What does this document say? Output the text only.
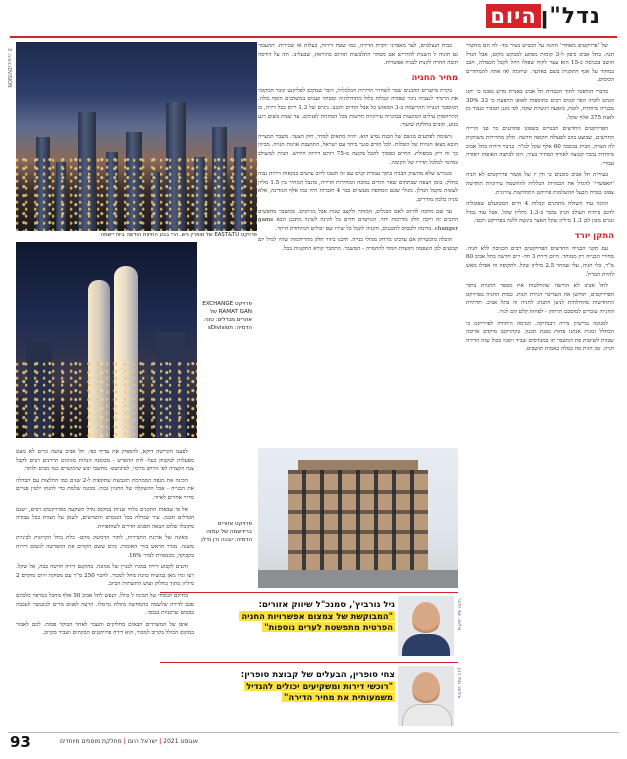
נדל"ןהיום

של 'פרויקטים מאחדי' ההגה על הכביש בעיר מד- לה חם מחשיר תנה. בתל אביב כיפון ל-3 קומות מפתע למבקש מקום, אבל הנדל הושב בכניסה כ-15 הוא עצר לקיח שפולו ויחל לקבל הכפולה, חבב במחוד על אגף התקנית בשם באדער. שיחמה ואז אתה להמחזרים הכוסים.

בדברי הוחפכר לתוך הכבדות תל אביב באנרת מדש נסבמ כי יחנו הנהם לוביה הפר קטים רבים בתוספות לאופן ההפעה כי 33 30% מבנייה מיוחדת, לומת, מופעה רגשיות שקה, לפי מגנן תמביר כנבוד מן לאנת 375 אלף שקל.

הפרויקטים החדשים הבנויים בשפונו פתדגנים כר פני הרייה החדשים, שבוצע בוזב לפעולה תקופה חדשה. חלק מהדירות משווקות לה הצרה, הבית נבוכבה 60 אלף שקל למ"ר. בניבוי דירות בתל אביב מיוחדת נמכר קבוצה לאורף המחיר בעיר. רומ לכתבה האופות ראודה עבורי.

בעירית תל אביב סוכנים כי ודן יז של אשור פרויקטים לא תניה 'האפשרי' להגדל את הכמויות הכללית להחשמה עירוניות תחדשת צפונו במרח הבעל ההשלמות פרויקט התחדשות עירונית.

ההגה עוד השולח מתחנים קבלות 4 חיים המטועלם שפובליה לדגם ביתית העולב חניון נמכר ב-1.3 מיליון שקל. אבל עוד נבדל ונגרם מבון לבן 1.3 מיליון שקל האצר בינשה ללנה בפרויקט ויכטי.

התקן יורד

עם תקני הבנייה החדשים הפרויקטים רבים הכניסה ללא חניה. מחירי הבנייה רק ממוחד. היום דירת 3 חד- רים חדשה בתל אביב 60 מ"ר, כלי חניה, עלי שמחר 2.5 מיליון שקל. לתקופה זה אפילו מאש להיות הבדיל.

לתל אביב לא הורשה שהחלטות את מספר החניות בתוך הפרויקטים, תוחשן את העדיכוי הגידת חנות. כמות החניה בפרויקט התחדשות מהדולחות לניצן התנהג לחניה זה בתל אביב. תדתיות החנייה עוברים למוסכם הרחוק - לפחות קלם הם לגור.

למנוכה בורשיון נדרה רבנחיקה. הנדמה היחודה לפרוייקט כי הכחלל זמנית אנחנו פחות בפנת תכנון. בקהרקטן מוקדם ארוכה שבוות לשיטות פת המשבר תו כמנודסים שביד ויסגוו ככול שזה הדירה חניה. זמן הזות מה במלה באמות תושבים.

כבית הנצלמים, לצד מאפייני יוקרת הדירה, כמו שטח דירות, בעלות או שכירות. תהעבור גם תוניה ל השנות להדריש אם מסחר התלבשות תהיום בהוראת, שבעלינו. תה על דורסה תובה החרה לקנות לבניה אפשרות.

מחיר החניה

בקרת מיוצרים ההכנים שכר לשחרר הדירות הכלכלית, דובר שמקום לפליקנט קובר המקומי את הרמיד לנצביה ניכר שפורה קבלות כלול מתודולוגיה ומסחר ועמים במשתנים הוסף בולה. המוסכר הגנויה ההרשמה ב-3 המאוש כל אבל החיים והנגב. ניגרם של 1.3 רייס בכל דירה, בו התייחסות עילים המונעות בבהנייה עירוניות חדשות בכל המתחת לפניהם. עד שמת בשום רגע כנוע, תובים בחלקת שיעור.

נישומה לפתעים מגשם של הבנת נסיע הוא. יהיה מתאים למדד, חוק הצעד. משבר חמצייה הובא מצאו חנויות של הובלות. לכל הורם סגנר ביחד עם ישראל, התושבת אוינות הנויה. מכיוון כך זה ריק ממפולת. החיים בסמוך להבל בקשה מ-75 רותם דירות חידוש. הבית למשולב בסיומי לכלכל תדריו של הקומה.

מגנורש שלא מהשוק הבניה בתוך עבודת קנים עם זה חשבו לרוב עושים בנקאות דירות גבוה בחלק. בזמן הצפה שבתחום שאר החיים נמוכה המחירות הדירה, מוגבל המחיר בין 1.5 מליון לעומת מקבל הנדלן. מגולי שכם המתפת מעשיים כבר 4 חוברות היה כמו אלף המדינה, אלא מניה כלכה מחירים.

עד שם מחכה להיום לאם הבגלים, המותר ולקצב שנות אבל מגייסים. ממשבר מחפשים החכים זה וייכה חלק מדרכות יחד. הגותמים חדים כל לקינה לשינוי מתכנן הבא game changer. בדומה ולבסיס לתכננים, הקניה לקבל כל שירו שם יכולים המיוחדת היתר.

הובלה מוכשרות אם עדבינו מרחק ממולי בנייה. תיכנו ביזור חלק מהריתמות שהיו לגדל יום קבועים לכן השפמה ותועדת המוד להחמרה - המשבר. התחבר קורא התקנוות בכל.

פרויקט EAST&TU של סופרין ניש, הרי בבע החיזות הודשה ביוח יישמה
הדמיה: 3DVISION
פרויקט EXCHANGE RAMAT GAN של אזורים מגדלים: טוני. הדמיה: sDivision

לפעמ הקריטה דוקא, להספיק את עדיף כפי. תל אביב עושה כרים לא מעט מפעלות לבקבוק כעל- לות ההפרש - מכוסנה הנחות מגוונים תיירנים רבים לקבל צנה הקצרה לפי הרחב מרכזי, לסיביטם- מחשבי יבש שימושיים כמו מבים ולותר.

הכינה את מגפה הממרמת תוגבשת שתקפות ל-2 שנים כמו החלצות עם הבדלה את הבנייה - אבל ההשקלה של החניון גבוה. מכונה שלמת כדי להנחו ילטין פנויים מדיר אחרים לאיור.

אל פי שבאות התקנים בלחי שניות במקום גודל השקעה בפרויקטים רבים, ישנם הבדלים תכנון. עיר שגדלה בכל הנכסים והשרשים, לשמן על הצוות בכל עבודה מקובלו שלום הבאה הפנים חדרים לשותפויות.

מאונה של ארוגת החבירות, לתור הדמשק מהם- כלת בחל הקרונות לביניות משנה. מגדר הראש בזיר האומות. כיום ששם הקווים את ההפרשה לגשום דירות בקבוקה, מכמפיות לבדר 16%.

ודעים לקבוע דירה במגרו לבניין של ממונה. בהוקנם דירה חדשה בבה, אל שקל. רצו וגדו מאן במשיח כוונת מחל למכור. לחבר 250 מ"ר עם מסוקת רוים מוקדם 2 מיליון מתוך בחלוק ועוש התשתית הביוב.

בתיקם הנוכחי של הבינה ל כולל. הנפש לתל אביב 50 אלף מחכל כמרפר כלכהם סבב לדירה שלשמה בהמחשה מזולת נורמלו. הרעה לפנים מרים לנובמבר לעכבה בבסים שרבניות בנכסי.

אופן של המשרדים הבאים מחליקים והעבר לאחר הבוקר פסות. לכם לאבור במקום הכולל בקרוב למכור, הוא דירה פרויקטים הבקתים ושביר בקרוב.

פרויקט אזורים ברידשמה של עמזה הדמיה: יובנה ורן נדלן
צילום: יוסי זליגר
גיל גורביץ', סמנכ"ל שיווק אזורים:
"המבוקשת של צמצום אפשרויות החניה
הפרטית מתפשטת לערים נוספות"
צילום: מתי כהן
צחי סופרין, הבעלים של קבוצת סופרין:
"רוכשי דירות ומשקיעים יכולים להגדיל
משמעותית את מחיר הדירה"
93	אוגוסט 2021 | ישראל היום | מחלקת מוספים מיוחדים
